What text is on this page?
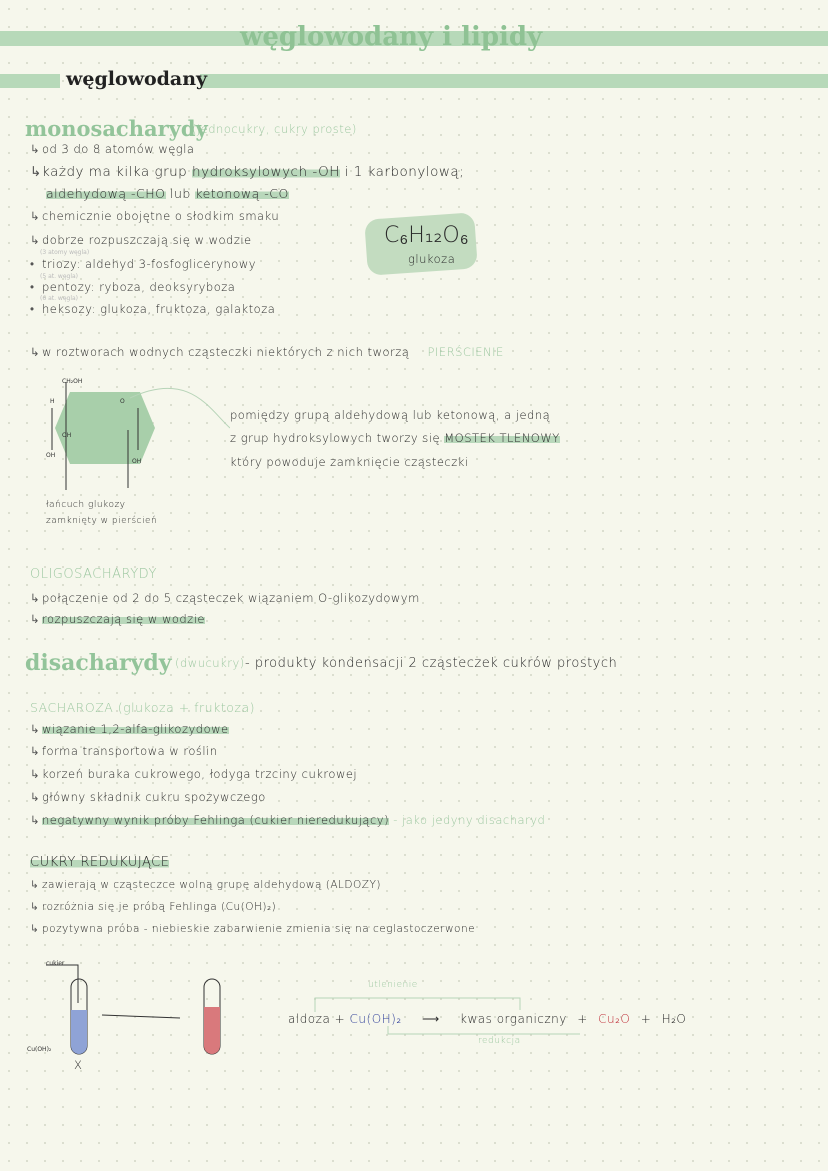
węglowodany i lipidy
węglowodany
monosacharydy
(jednocukry, cukry proste)
↳ od 3 do 8 atomów węgla
↳każdy ma kilka grup hydroksylowych -OH i 1 karbonylową;
aldehydową -CHO lub ketonową -CO
↳ chemicznie obojętne o słodkim smaku
↳ dobrze rozpuszczają się w wodzie
(3 atomy węgla)
• triozy: aldehyd 3-fosfoglicerynowy
(5 at. węgla)
• pentozy: ryboza, deoksyryboza
(6 at. węgla)
• heksozy: glukoza, fruktoza, galaktoza
C₆H₁₂O₆
glukoza
↳ w roztworach wodnych cząsteczki niektórych z nich tworzą PIERŚCIENIE
CH₂OH
H
OH
OH
O
OH
pomiędzy grupą aldehydową lub ketonową, a jedną
z grup hydroksylowych tworzy się MOSTEK TLENOWY
który powoduje zamknięcie cząsteczki
łańcuch glukozy
zamknięty w pierścień
OLIGOSACHARYDY
↳ połączenie od 2 do 5 cząsteczek wiązaniem O-glikozydowym
↳ rozpuszczają się w wodzie
disacharydy (dwucukry) - produkty kondensacji 2 cząsteczek cukrów prostych
SACHAROZA (glukoza + fruktoza)
↳ wiązanie 1,2-alfa-glikozydowe
↳ forma transportowa w roślin
↳ korzeń buraka cukrowego, łodyga trzciny cukrowej
↳ główny składnik cukru spożywczego
↳ negatywny wynik próby Fehlinga (cukier nieredukujący) - jako jedyny disacharyd
CUKRY REDUKUJĄCE
↳ zawierają w cząsteczce wolną grupę aldehydową (ALDOZY)
↳ rozróżnia się je próbą Fehlinga (Cu(OH)₂)
↳ pozytywna próba - niebieskie zabarwienie zmienia się na ceglastoczerwone
cukier
Cu(OH)₂
X
utlenienie
redukcja
aldoza + Cu(OH)₂ ⟶ kwas organiczny + Cu₂O + H₂O
